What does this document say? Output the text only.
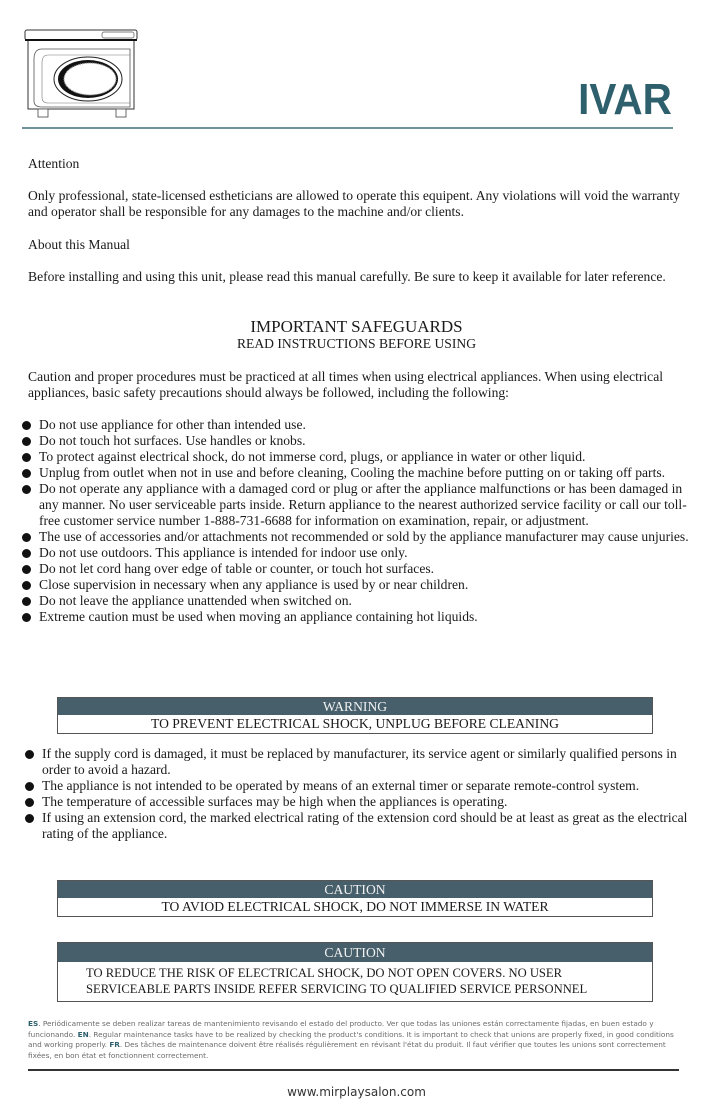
IVAR
Attention
Only professional, state-licensed estheticians are allowed to operate this equipent. Any violations will void the warranty and operator shall be responsible for any damages to the machine and/or clients.
About this Manual
Before installing and using this unit, please read this manual carefully. Be sure to keep it available for later reference.
IMPORTANT SAFEGUARDS
READ INSTRUCTIONS BEFORE USING
Caution and proper procedures must be practiced at all times when using electrical appliances. When using electrical appliances, basic safety precautions should always be followed, including the following:
Do not use appliance for other than intended use.
Do not touch hot surfaces. Use handles or knobs.
To protect against electrical shock, do not immerse cord, plugs, or appliance in water or other liquid.
Unplug from outlet when not in use and before cleaning, Cooling the machine before putting on or taking off parts.
Do not operate any appliance with a damaged cord or plug or after the appliance malfunctions or has been damaged in any manner. No user serviceable parts inside. Return appliance to the nearest authorized service facility or call our toll-free customer service number 1-888-731-6688 for information on examination, repair, or adjustment.
The use of accessories and/or attachments not recommended or sold by the appliance manufacturer may cause unjuries.
Do not use outdoors. This appliance is intended for indoor use only.
Do not let cord hang over edge of table or counter, or touch hot surfaces.
Close supervision in necessary when any appliance is used by or near children.
Do not leave the appliance unattended when switched on.
Extreme caution must be used when moving an appliance containing hot liquids.
WARNING
TO PREVENT ELECTRICAL SHOCK, UNPLUG BEFORE CLEANING
If the supply cord is damaged, it must be replaced by manufacturer, its service agent or similarly qualified persons in order to avoid a hazard.
The appliance is not intended to be operated by means of an external timer or separate remote-control system.
The temperature of accessible surfaces may be high when the appliances is operating.
If using an extension cord, the marked electrical rating of the extension cord should be at least as great as the electrical rating of the appliance.
CAUTION
TO AVIOD ELECTRICAL SHOCK, DO NOT IMMERSE IN WATER
CAUTION
TO REDUCE THE RISK OF ELECTRICAL SHOCK, DO NOT OPEN COVERS. NO USER
SERVICEABLE PARTS INSIDE REFER SERVICING TO QUALIFIED SERVICE PERSONNEL
ES. Periódicamente se deben realizar tareas de mantenimiento revisando el estado del producto. Ver que todas las uniones están correctamente fijadas, en buen estado y funcionando. EN. Regular maintenance tasks have to be realized by checking the product's conditions. It is important to check that unions are properly fixed, in good conditions and working properly. FR. Des tâches de maintenance doivent être réalisés régulièrement en révisant l'état du produit. Il faut vérifier que toutes les unions sont correctement fixées, en bon état et fonctionnent correctement.
www.mirplaysalon.com
